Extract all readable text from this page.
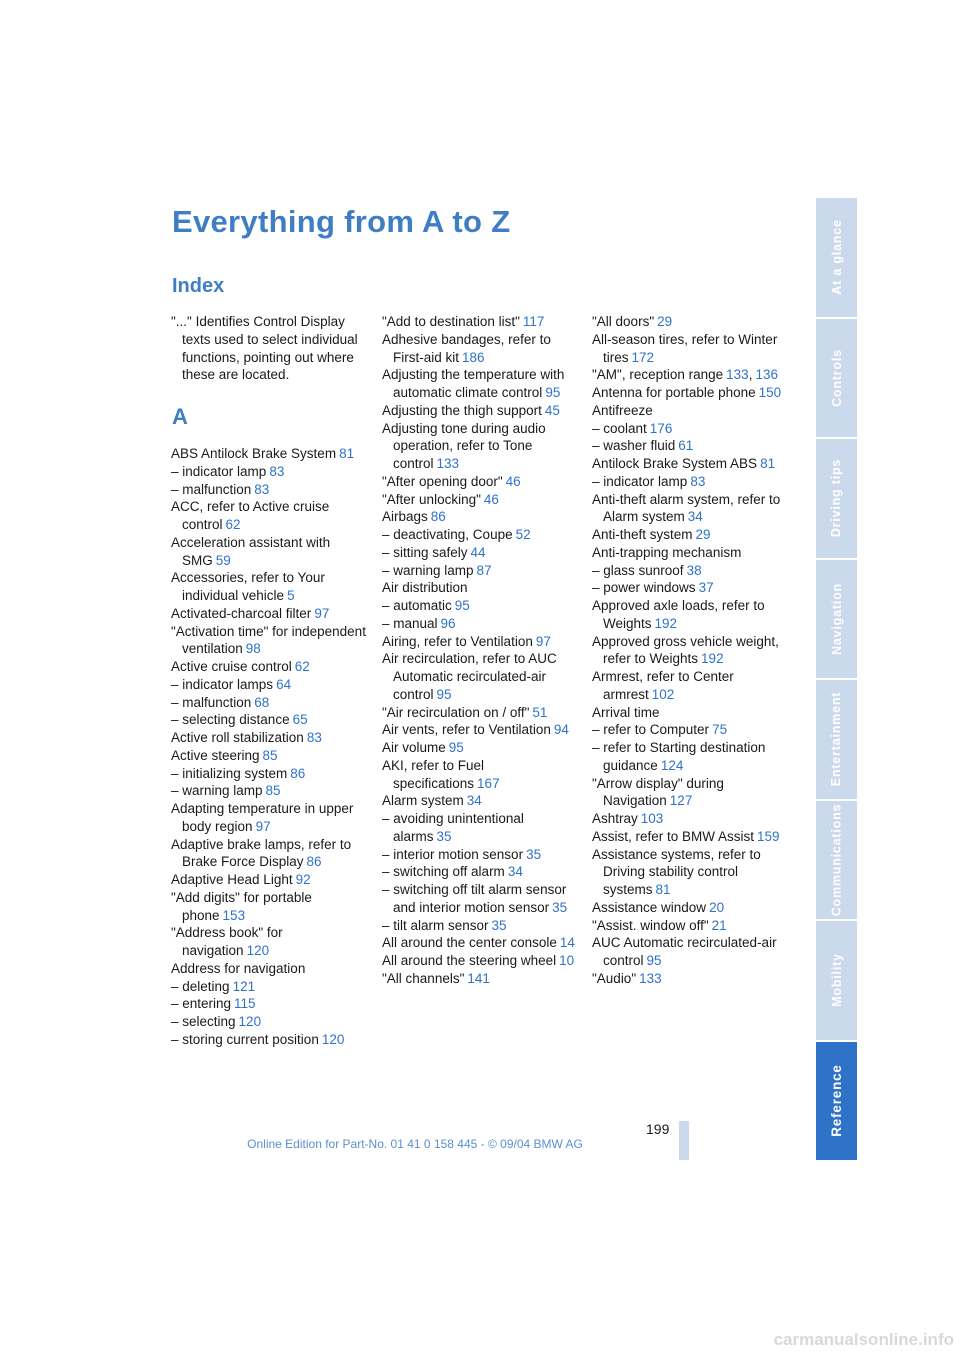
Everything from A to Z
Index

"..." Identifies Control Display texts used to select individual functions, pointing out where these are located.

A

ABS Antilock Brake System 81

– indicator lamp 83

– malfunction 83

ACC, refer to Active cruise control 62

Acceleration assistant with SMG 59

Accessories, refer to Your individual vehicle 5

Activated-charcoal filter 97

"Activation time" for independent ventilation 98

Active cruise control 62

– indicator lamps 64

– malfunction 68

– selecting distance 65

Active roll stabilization 83

Active steering 85

– initializing system 86

– warning lamp 85

Adapting temperature in upper body region 97

Adaptive brake lamps, refer to Brake Force Display 86

Adaptive Head Light 92

"Add digits" for portable phone 153

"Address book" for navigation 120

Address for navigation

– deleting 121

– entering 115

– selecting 120

– storing current position 120

"Add to destination list" 117

Adhesive bandages, refer to First-aid kit 186

Adjusting the temperature with automatic climate control 95

Adjusting the thigh support 45

Adjusting tone during audio operation, refer to Tone control 133

"After opening door" 46

"After unlocking" 46

Airbags 86

– deactivating, Coupe 52

– sitting safely 44

– warning lamp 87

Air distribution

– automatic 95

– manual 96

Airing, refer to Ventilation 97

Air recirculation, refer to AUC Automatic recirculated-air control 95

"Air recirculation on / off" 51

Air vents, refer to Ventilation 94

Air volume 95

AKI, refer to Fuel specifications 167

Alarm system 34

– avoiding unintentional alarms 35

– interior motion sensor 35

– switching off alarm 34

– switching off tilt alarm sensor and interior motion sensor 35

– tilt alarm sensor 35

All around the center console 14

All around the steering wheel 10

"All channels" 141

"All doors" 29

All-season tires, refer to Winter tires 172

"AM", reception range 133, 136

Antenna for portable phone 150

Antifreeze

– coolant 176

– washer fluid 61

Antilock Brake System ABS 81

– indicator lamp 83

Anti-theft alarm system, refer to Alarm system 34

Anti-theft system 29

Anti-trapping mechanism

– glass sunroof 38

– power windows 37

Approved axle loads, refer to Weights 192

Approved gross vehicle weight, refer to Weights 192

Armrest, refer to Center armrest 102

Arrival time

– refer to Computer 75

– refer to Starting destination guidance 124

"Arrow display" during Navigation 127

Ashtray 103

Assist, refer to BMW Assist 159

Assistance systems, refer to Driving stability control systems 81

Assistance window 20

"Assist. window off" 21

AUC Automatic recirculated-air control 95

"Audio" 133

At a glance
Controls
Driving tips
Navigation
Entertainment
Communications
Mobility
Reference
199
Online Edition for Part-No. 01 41 0 158 445 - © 09/04 BMW AG
carmanualsonline.info
